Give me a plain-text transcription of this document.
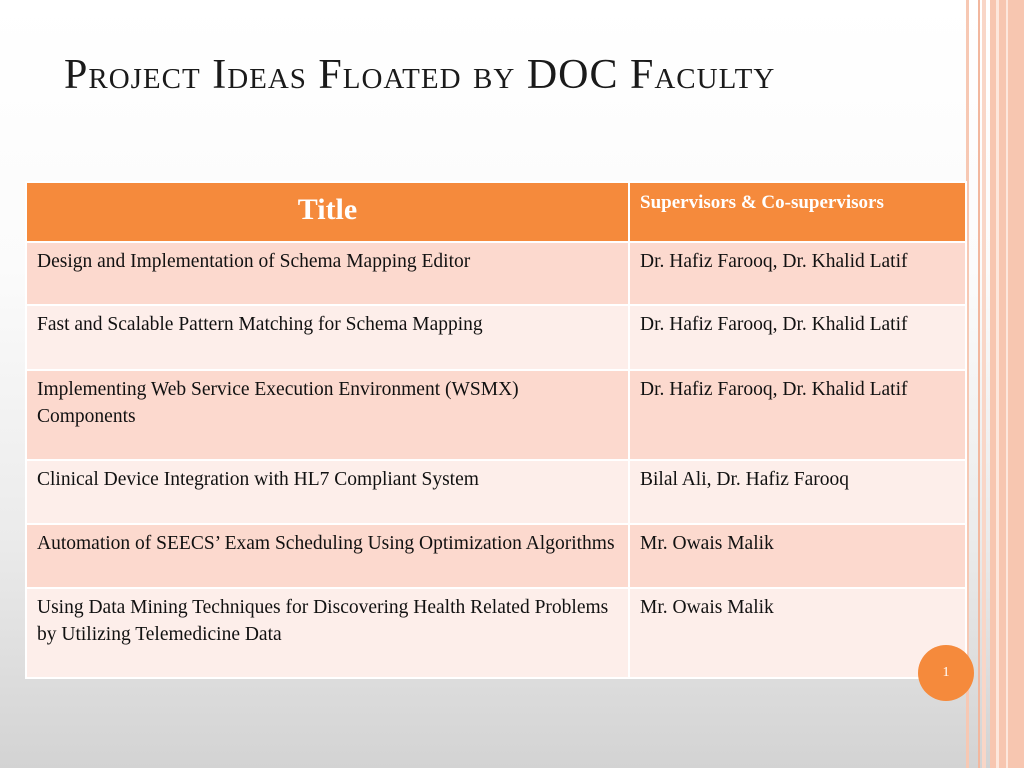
Project Ideas Floated by DOC Faculty
Title	Supervisors & Co-supervisors
Design and Implementation of Schema Mapping Editor	Dr. Hafiz Farooq, Dr. Khalid Latif
Fast and Scalable Pattern Matching for Schema Mapping	Dr. Hafiz Farooq, Dr. Khalid Latif
Implementing Web Service Execution Environment (WSMX) Components	Dr. Hafiz Farooq, Dr. Khalid Latif
Clinical Device Integration with HL7 Compliant System	Bilal Ali, Dr. Hafiz Farooq
Automation of SEECS’ Exam Scheduling Using Optimization Algorithms	Mr. Owais Malik
Using Data Mining Techniques for Discovering Health Related Problems by Utilizing Telemedicine Data	Mr. Owais Malik
1
